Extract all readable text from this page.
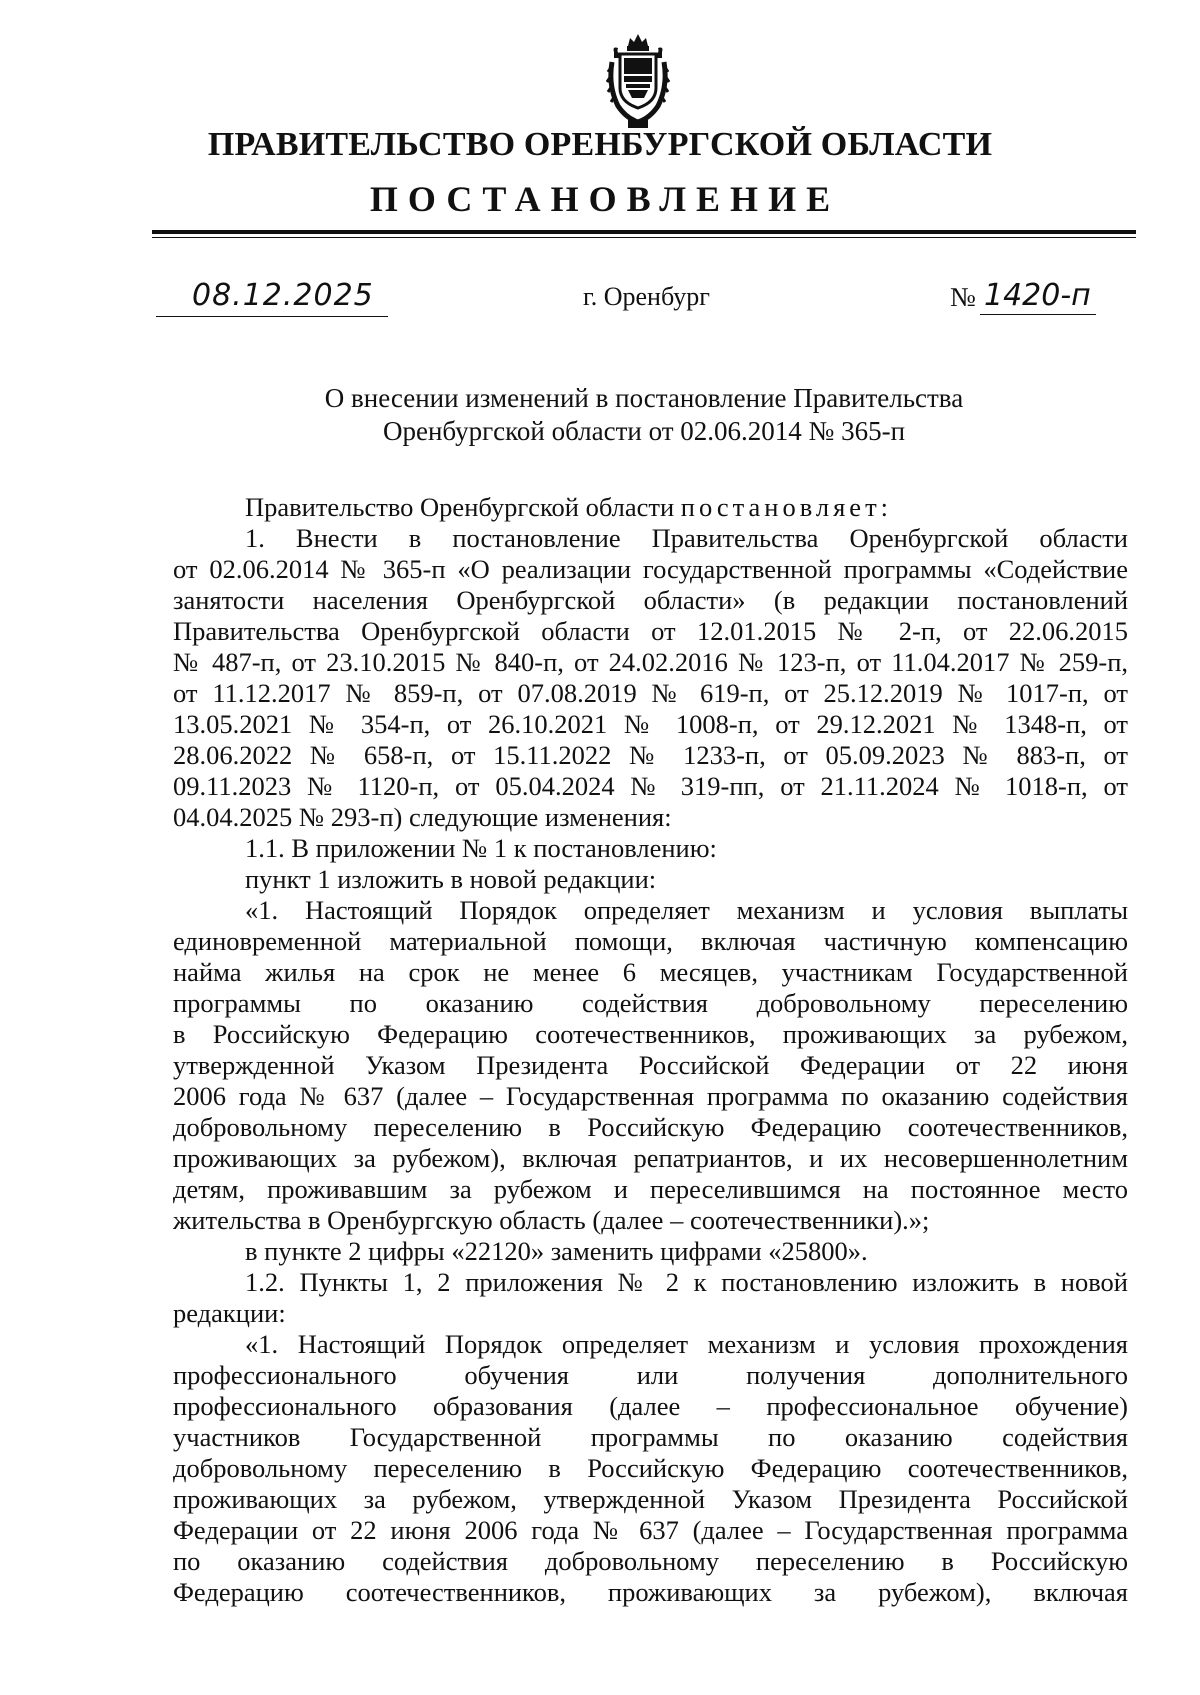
ПРАВИТЕЛЬСТВО ОРЕНБУРГСКОЙ ОБЛАСТИ
ПОСТАНОВЛЕНИЕ
08.12.2025	г. Оренбург	№ 1420-п
О внесении изменений в постановление Правительства
Оренбургской области от 02.06.2014 № 365-п
Правительство Оренбургской области постановляет:
1. Внести в постановление Правительства Оренбургской области
от 02.06.2014 № 365-п «О реализации государственной программы «Содействие
занятости населения Оренбургской области» (в редакции постановлений
Правительства Оренбургской области от 12.01.2015 № 2-п, от 22.06.2015
№ 487-п, от 23.10.2015 № 840-п, от 24.02.2016 № 123-п, от 11.04.2017 № 259-п,
от 11.12.2017 № 859-п, от 07.08.2019 № 619-п, от 25.12.2019 № 1017-п, от
13.05.2021 № 354-п, от 26.10.2021 № 1008-п, от 29.12.2021 № 1348-п, от
28.06.2022 № 658-п, от 15.11.2022 № 1233-п, от 05.09.2023 № 883-п, от
09.11.2023 № 1120-п, от 05.04.2024 № 319-пп, от 21.11.2024 № 1018-п, от
04.04.2025 № 293-п) следующие изменения:
1.1. В приложении № 1 к постановлению:
пункт 1 изложить в новой редакции:
«1. Настоящий Порядок определяет механизм и условия выплаты
единовременной материальной помощи, включая частичную компенсацию
найма жилья на срок не менее 6 месяцев, участникам Государственной
программы по оказанию содействия добровольному переселению
в Российскую Федерацию соотечественников, проживающих за рубежом,
утвержденной Указом Президента Российской Федерации от 22 июня
2006 года № 637 (далее – Государственная программа по оказанию содействия
добровольному переселению в Российскую Федерацию соотечественников,
проживающих за рубежом), включая репатриантов, и их несовершеннолетним
детям, проживавшим за рубежом и переселившимся на постоянное место
жительства в Оренбургскую область (далее – соотечественники).»;
в пункте 2 цифры «22120» заменить цифрами «25800».
1.2. Пункты 1, 2 приложения № 2 к постановлению изложить в новой
редакции:
«1. Настоящий Порядок определяет механизм и условия прохождения
профессионального обучения или получения дополнительного
профессионального образования (далее – профессиональное обучение)
участников Государственной программы по оказанию содействия
добровольному переселению в Российскую Федерацию соотечественников,
проживающих за рубежом, утвержденной Указом Президента Российской
Федерации от 22 июня 2006 года № 637 (далее – Государственная программа
по оказанию содействия добровольному переселению в Российскую
Федерацию соотечественников, проживающих за рубежом), включая
